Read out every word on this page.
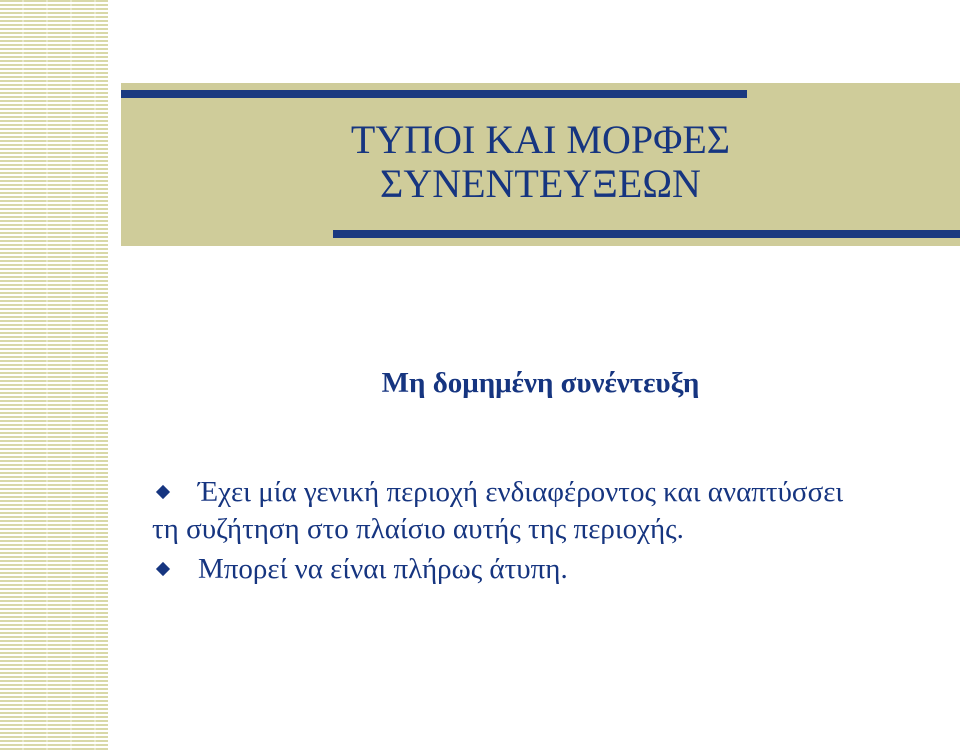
ΤΥΠΟΙ ΚΑΙ ΜΟΡΦΕΣ
ΣΥΝΕΝΤΕΥΞΕΩΝ
Μη δομημένη συνέντευξη
Έχει μία γενική περιοχή ενδιαφέροντος και αναπτύσσει τη συζήτηση στο πλαίσιο αυτής της περιοχής.
Μπορεί να είναι πλήρως άτυπη.
